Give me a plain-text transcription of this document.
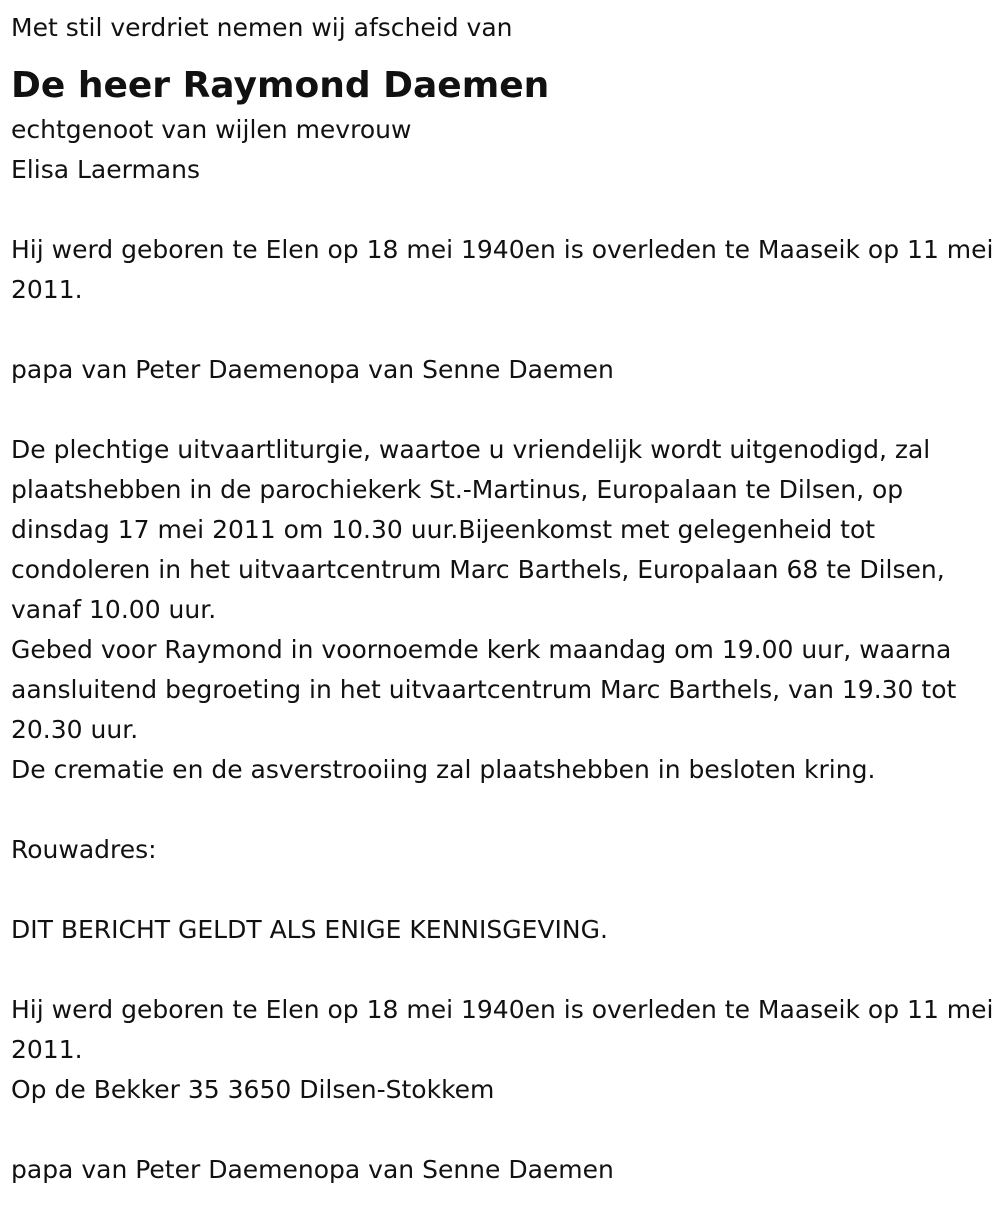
Met stil verdriet nemen wij afscheid van

De heer Raymond Daemen

echtgenoot van wijlen mevrouw

Elisa Laermans

Hij werd geboren te Elen op 18 mei 1940en is overleden te Maaseik op 11 mei 2011.

papa van Peter Daemenopa van Senne Daemen

De plechtige uitvaartliturgie, waartoe u vriendelijk wordt uitgenodigd, zal plaatshebben in de parochiekerk St.-Martinus, Europalaan te Dilsen, op dinsdag 17 mei 2011 om 10.30 uur.Bijeenkomst met gelegenheid tot condoleren in het uitvaartcentrum Marc Barthels, Europalaan 68 te Dilsen, vanaf 10.00 uur.

Gebed voor Raymond in voornoemde kerk maandag om 19.00 uur, waarna aansluitend begroeting in het uitvaartcentrum Marc Barthels, van 19.30 tot 20.30 uur.

De crematie en de asverstrooiing zal plaatshebben in besloten kring.

Rouwadres:

DIT BERICHT GELDT ALS ENIGE KENNISGEVING.

Hij werd geboren te Elen op 18 mei 1940en is overleden te Maaseik op 11 mei 2011.

Op de Bekker 35 3650 Dilsen-Stokkem

papa van Peter Daemenopa van Senne Daemen
